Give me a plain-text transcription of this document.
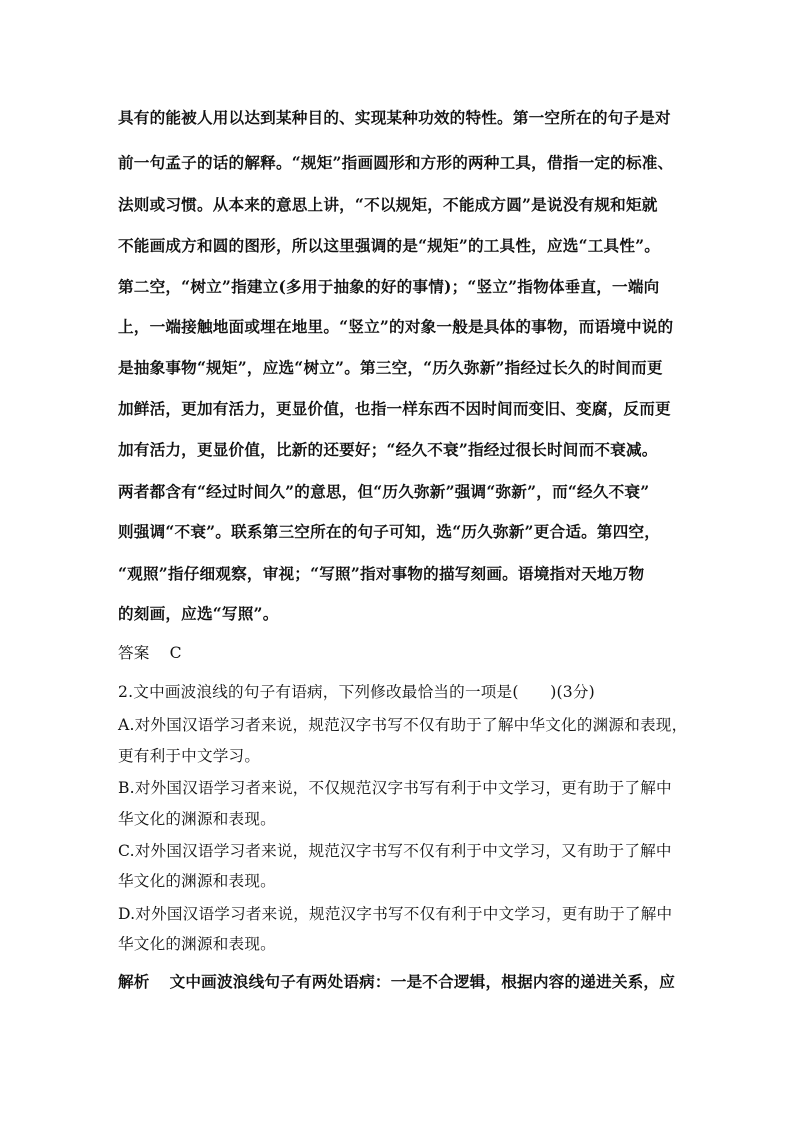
具有的能被人用以达到某种目的、实现某种功效的特性。第一空所在的句子是对
前一句孟子的话的解释。“规矩”指画圆形和方形的两种工具，借指一定的标准、
法则或习惯。从本来的意思上讲，“不以规矩，不能成方圆”是说没有规和矩就
不能画成方和圆的图形，所以这里强调的是“规矩”的工具性，应选“工具性”。
第二空，“树立”指建立(多用于抽象的好的事情)；“竖立”指物体垂直，一端向
上，一端接触地面或埋在地里。“竖立”的对象一般是具体的事物，而语境中说的
是抽象事物“规矩”，应选“树立”。第三空，“历久弥新”指经过长久的时间而更
加鲜活，更加有活力，更显价值，也指一样东西不因时间而变旧、变腐，反而更
加有活力，更显价值，比新的还要好；“经久不衰”指经过很长时间而不衰减。
两者都含有“经过时间久”的意思，但“历久弥新”强调“弥新”，而“经久不衰”
则强调“不衰”。联系第三空所在的句子可知，选“历久弥新”更合适。第四空，
“观照”指仔细观察，审视；“写照”指对事物的描写刻画。语境指对天地万物
的刻画，应选“写照”。
答案 C
2.文中画波浪线的句子有语病，下列修改最恰当的一项是(　　)(3分)
A.对外国汉语学习者来说，规范汉字书写不仅有助于了解中华文化的渊源和表现，
更有利于中文学习。
B.对外国汉语学习者来说，不仅规范汉字书写有利于中文学习，更有助于了解中
华文化的渊源和表现。
C.对外国汉语学习者来说，规范汉字书写不仅有利于中文学习，又有助于了解中
华文化的渊源和表现。
D.对外国汉语学习者来说，规范汉字书写不仅有利于中文学习，更有助于了解中
华文化的渊源和表现。
解析 文中画波浪线句子有两处语病：一是不合逻辑，根据内容的递进关系，应
